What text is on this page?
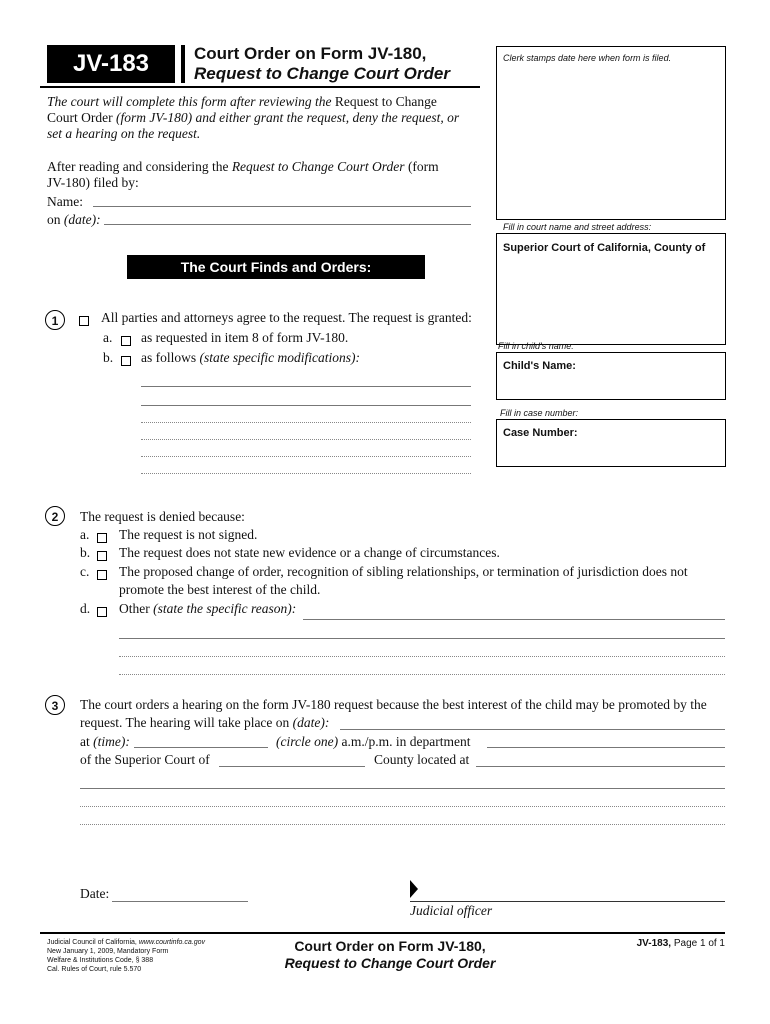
JV-183	Court Order on Form JV-180,
Request to Change Court Order
Clerk stamps date here when form is filed.
Fill in court name and street address:
Superior Court of California, County of
Fill in child's name:
Child's Name:
Fill in case number:
Case Number:
The court will complete this form after reviewing the Request to Change
Court Order (form JV-180) and either grant the request, deny the request, or
set a hearing on the request.
After reading and considering the Request to Change Court Order (form
JV-180) filed by:
Name:
on (date):
The Court Finds and Orders:
1	All parties and attorneys agree to the request. The request is granted:
a. as requested in item 8 of form JV-180.
b. as follows (state specific modifications):
2	The request is denied because:
a. The request is not signed.
b. The request does not state new evidence or a change of circumstances.
c. The proposed change of order, recognition of sibling relationships, or termination of jurisdiction does not
promote the best interest of the child.
d. Other (state the specific reason):
3	The court orders a hearing on the form JV-180 request because the best interest of the child may be promoted by the
request. The hearing will take place on (date):
at (time):	(circle one) a.m./p.m. in department
of the Superior Court of	County located at
Date:
Judicial officer
Judicial Council of California, www.courtinfo.ca.gov
New January 1, 2009, Mandatory Form
Welfare & Institutions Code, § 388
Cal. Rules of Court, rule 5.570
Court Order on Form JV-180,
Request to Change Court Order
JV-183, Page 1 of 1
